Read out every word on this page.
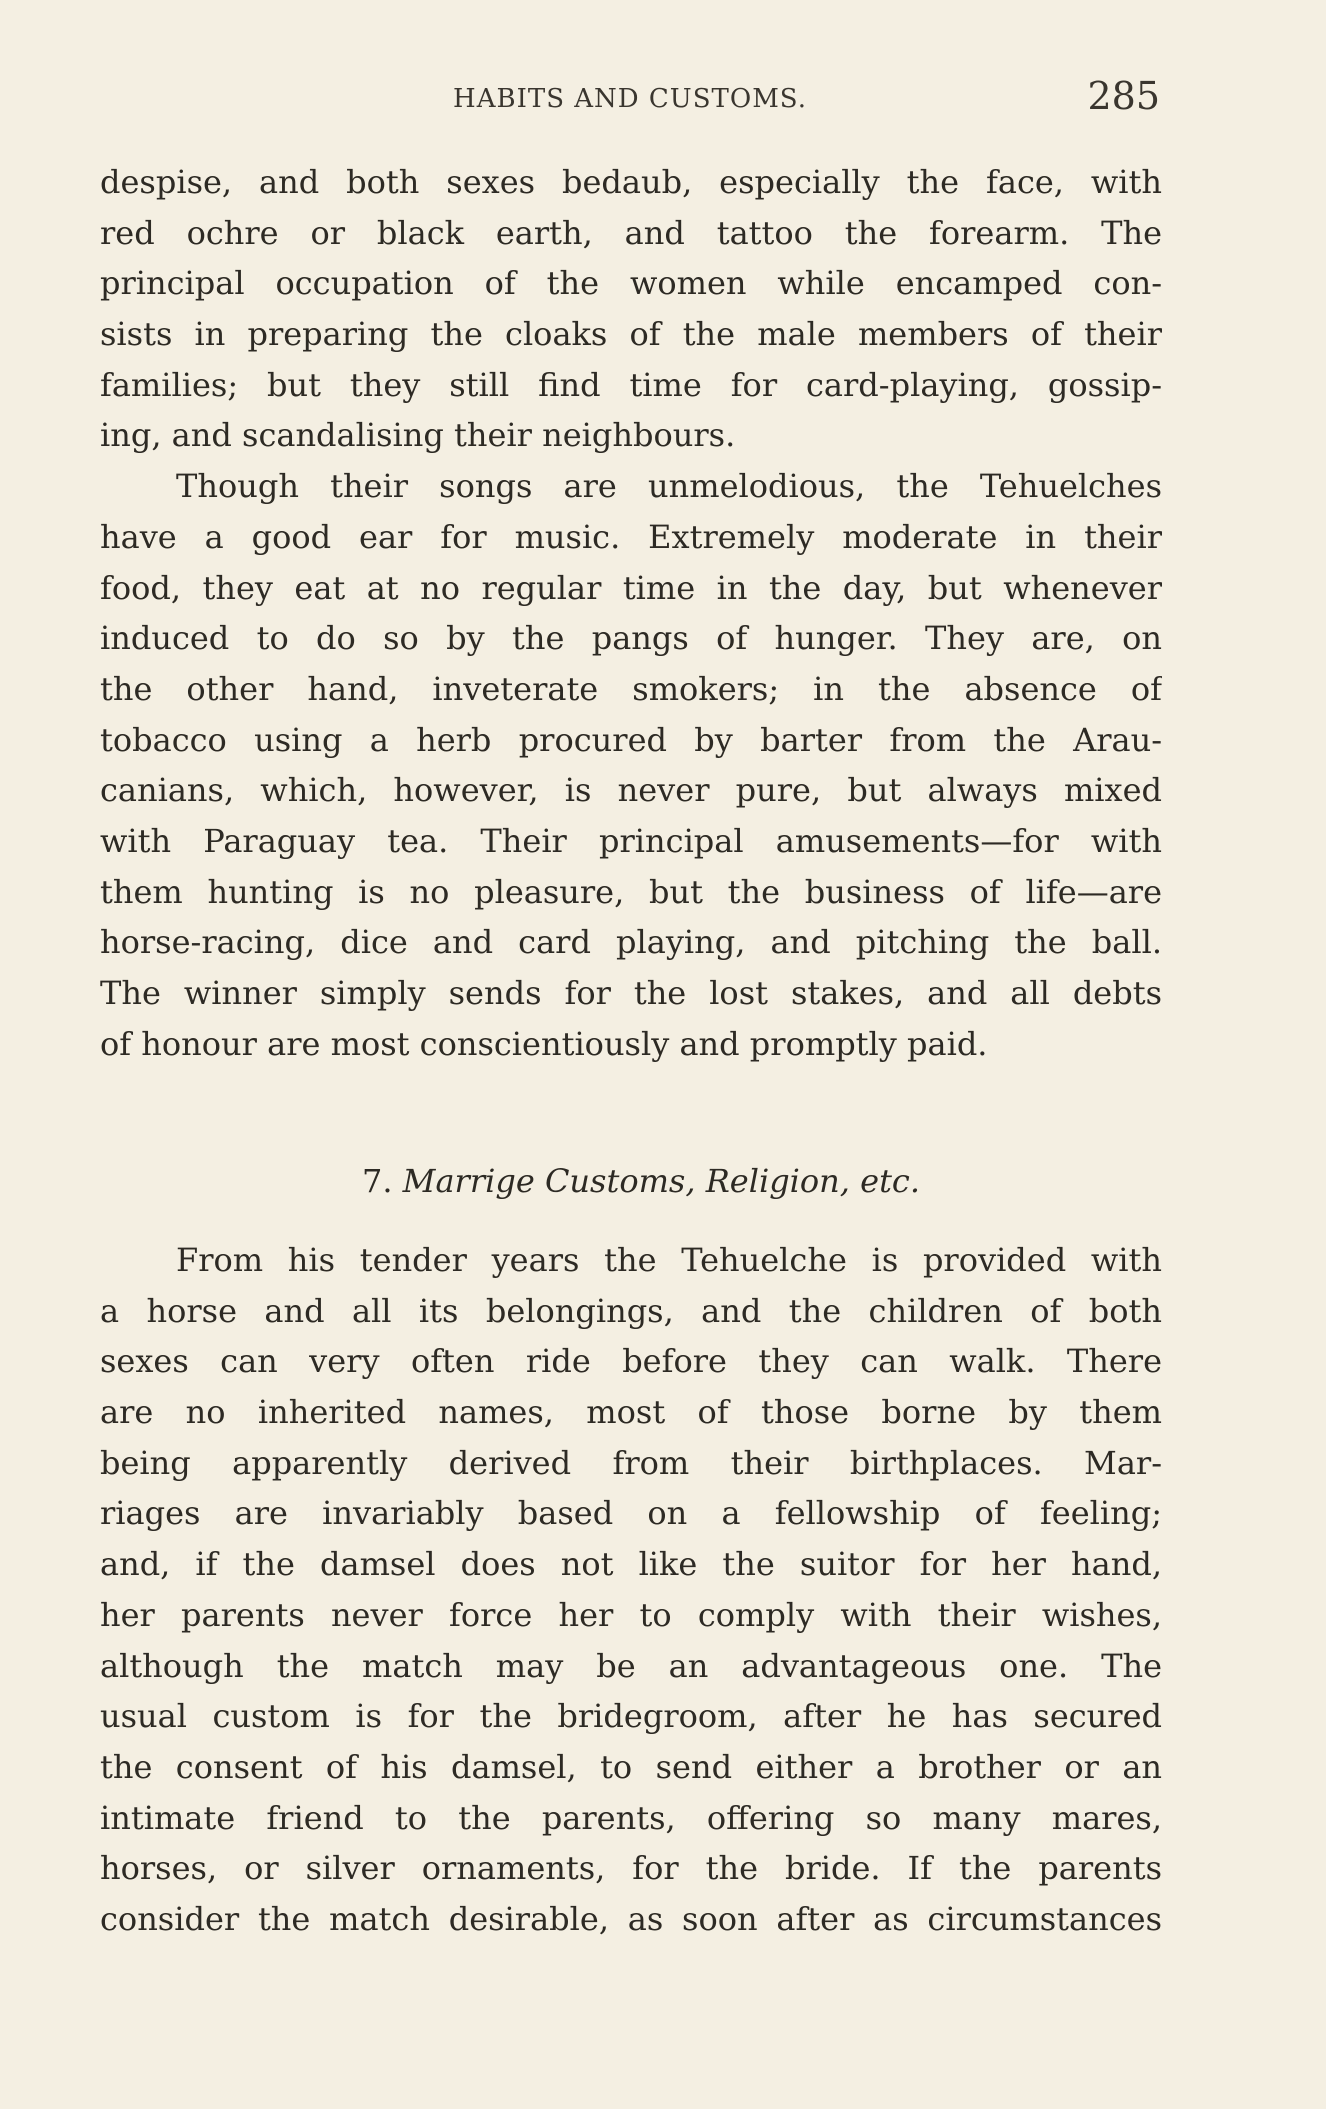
HABITS AND CUSTOMS.	285
despise, and both sexes bedaub, especially the face, with
red ochre or black earth, and tattoo the forearm. The
principal occupation of the women while encamped con-
sists in preparing the cloaks of the male members of their
families; but they still find time for card-playing, gossip-
ing, and scandalising their neighbours.
Though their songs are unmelodious, the Tehuelches
have a good ear for music. Extremely moderate in their
food, they eat at no regular time in the day, but whenever
induced to do so by the pangs of hunger. They are, on
the other hand, inveterate smokers; in the absence of
tobacco using a herb procured by barter from the Arau-
canians, which, however, is never pure, but always mixed
with Paraguay tea. Their principal amusements—for with
them hunting is no pleasure, but the business of life—are
horse-racing, dice and card playing, and pitching the ball.
The winner simply sends for the lost stakes, and all debts
of honour are most conscientiously and promptly paid.
7. Marrige Customs, Religion, etc.
From his tender years the Tehuelche is provided with
a horse and all its belongings, and the children of both
sexes can very often ride before they can walk. There
are no inherited names, most of those borne by them
being apparently derived from their birthplaces. Mar-
riages are invariably based on a fellowship of feeling;
and, if the damsel does not like the suitor for her hand,
her parents never force her to comply with their wishes,
although the match may be an advantageous one. The
usual custom is for the bridegroom, after he has secured
the consent of his damsel, to send either a brother or an
intimate friend to the parents, offering so many mares,
horses, or silver ornaments, for the bride. If the parents
consider the match desirable, as soon after as circumstances
